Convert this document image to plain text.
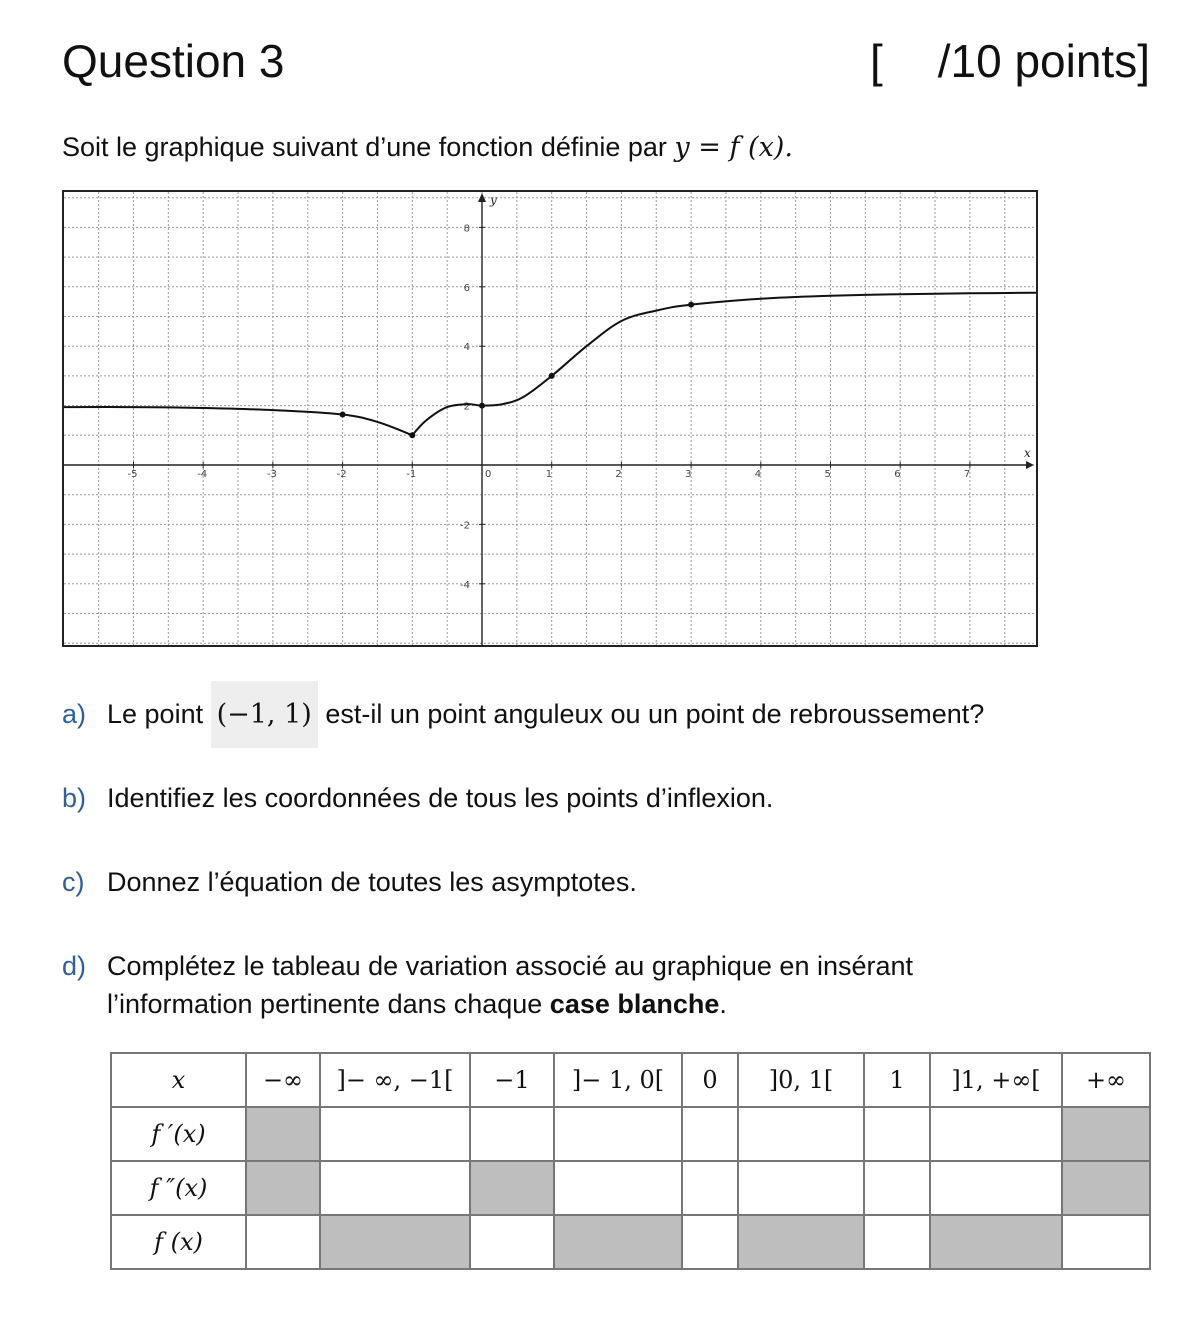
Question 3	[ /10 points]
Soit le graphique suivant d’une fonction définie par y = f (x).
x
y
-5	-4	-3	-2	-1	0	1	2	3	4	5	6	7
8
6
4
2
-2
-4
a) Le point (−1, 1) est-il un point anguleux ou un point de rebroussement?
b) Identifiez les coordonnées de tous les points d’inflexion.
c) Donnez l’équation de toutes les asymptotes.
d) Complétez le tableau de variation associé au graphique en insérant
l’information pertinente dans chaque case blanche.
x	−∞	]− ∞, −1[	−1	]− 1, 0[	0	]0, 1[	1	]1, +∞[	+∞
f ′(x)									
f ″(x)									
f (x)									
